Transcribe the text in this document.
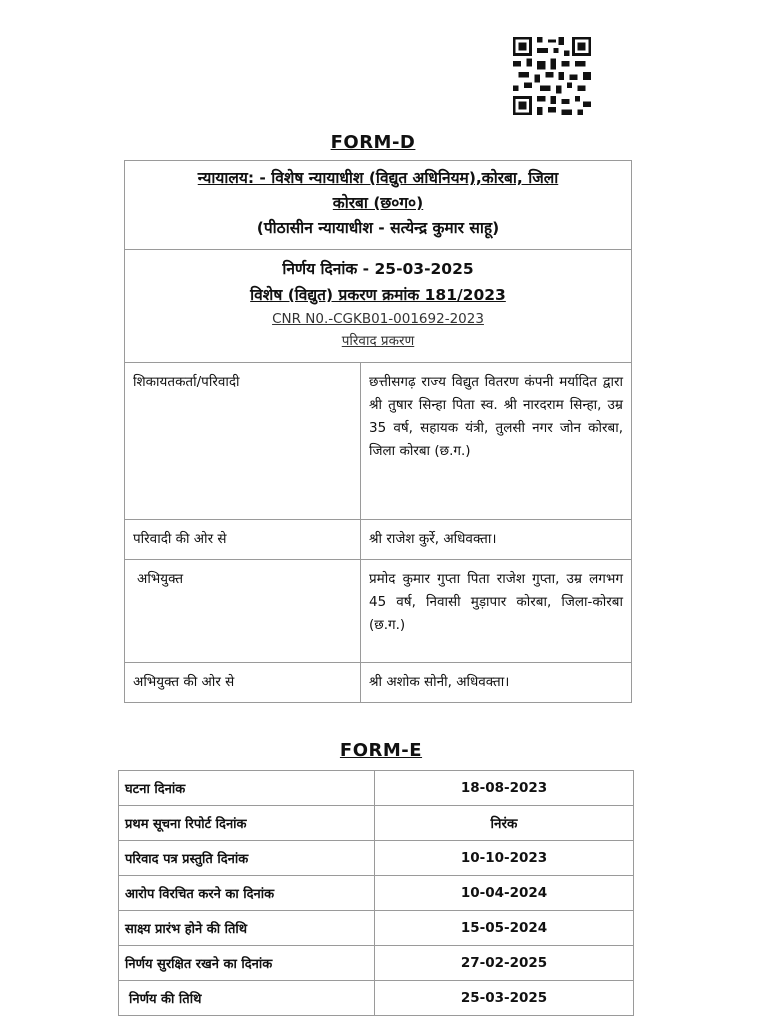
FORM-D
न्यायालय: - विशेष न्यायाधीश (विद्युत अधिनियम),कोरबा, जिला
कोरबा (छ०ग०)
(पीठासीन न्यायाधीश - सत्येन्द्र कुमार साहू)	

निर्णय दिनांक - 25-03-2025
विशेष (विद्युत) प्रकरण क्रमांक 181/2023
CNR N0.-CGKB01-001692-2023
परिवाद प्रकरण	

शिकायतकर्ता/परिवादी	छत्तीसगढ़ राज्य विद्युत वितरण कंपनी मर्यादित द्वारा श्री तुषार सिन्हा पिता स्व. श्री नारदराम सिन्हा, उम्र 35 वर्ष, सहायक यंत्री, तुलसी नगर जोन कोरबा, जिला कोरबा (छ.ग.)
परिवादी की ओर से	श्री राजेश कुर्रे, अधिवक्ता।
अभियुक्त	प्रमोद कुमार गुप्ता पिता राजेश गुप्ता, उम्र लगभग 45 वर्ष, निवासी मुड़ापार कोरबा, जिला-कोरबा (छ.ग.)
अभियुक्त की ओर से	श्री अशोक सोनी, अधिवक्ता।
FORM-E
घटना दिनांक	18-08-2023
प्रथम सूचना रिपोर्ट दिनांक	निरंक
परिवाद पत्र प्रस्तुति दिनांक	10-10-2023
आरोप विरचित करने का दिनांक	10-04-2024
साक्ष्य प्रारंभ होने की तिथि	15-05-2024
निर्णय सुरक्षित रखने का दिनांक	27-02-2025
निर्णय की तिथि	25-03-2025
